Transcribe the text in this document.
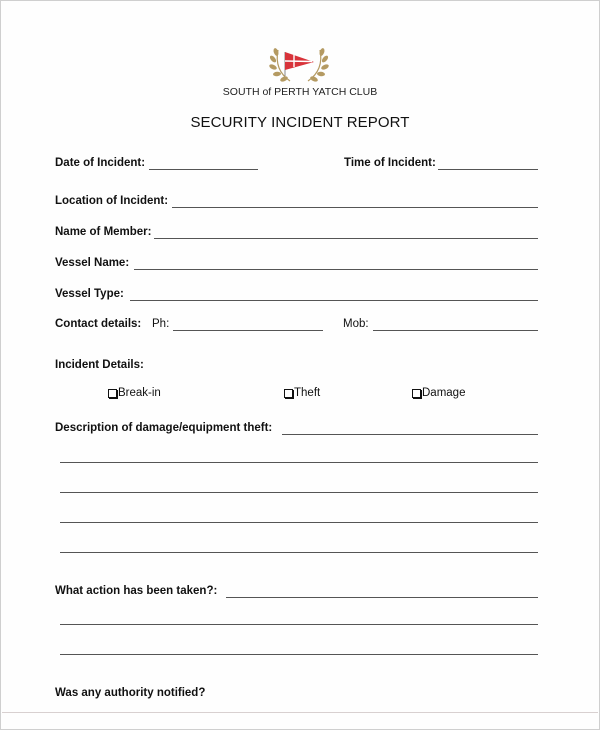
SOUTH of PERTH YATCH CLUB
SECURITY INCIDENT REPORT
Date of Incident:	Time of Incident:
Location of Incident:
Name of Member:
Vessel Name:
Vessel Type:
Contact details: Ph:	Mob:
Incident Details:
Break-in	Theft	Damage
Description of damage/equipment theft:
What action has been taken?:
Was any authority notified?
